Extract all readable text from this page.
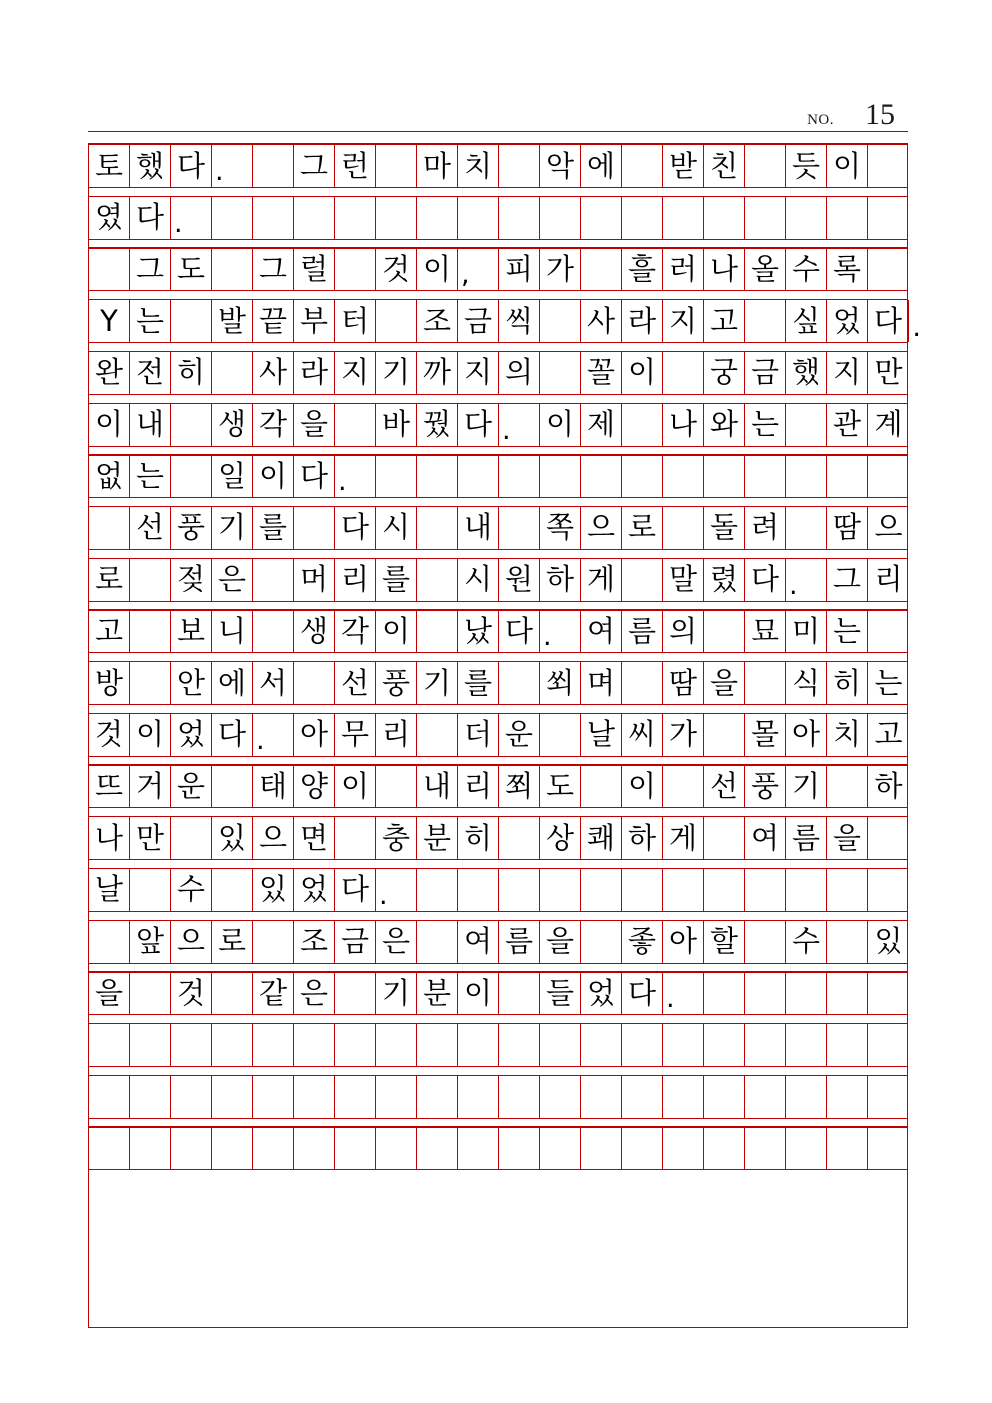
NO. 15
토 했 다 .	그 런 마 치 악 에 받 친 듯 이
였 다 .
그 도 그 럴 것 이 ,	피 가 흘 러 나 올 수 록
Y 는 발 끝 부 터 조 금 씩 사 라 지 고 싶 었 다 .
완 전 히 사 라 지 기 까 지 의 꼴 이 궁 금 했 지 만
이 내 생 각 을 바 꿨 다 .	이 제 나 와 는 관 계
없 는 일 이 다 .
선 풍 기 를 다 시 내 쪽 으 로 돌 려 땀 으
로 젖 은 머 리 를 시 원 하 게 말 렸 다 .	그 리
고 보 니 생 각 이 났 다 .	여 름 의 묘 미 는
방 안 에 서 선 풍 기 를 쐬 며 땀 을 식 히 는
것 이 었 다 .	아 무 리 더 운 날 씨 가 몰 아 치 고
뜨 거 운 태 양 이 내 리 쬐 도 이 선 풍 기 하
나 만 있 으 면 충 분 히 상 쾌 하 게 여 름 을
날 수 있 었 다 .
앞 으 로 조 금 은 여 름 을 좋 아 할 수 있
을 것 같 은 기 분 이 들 었 다 .
